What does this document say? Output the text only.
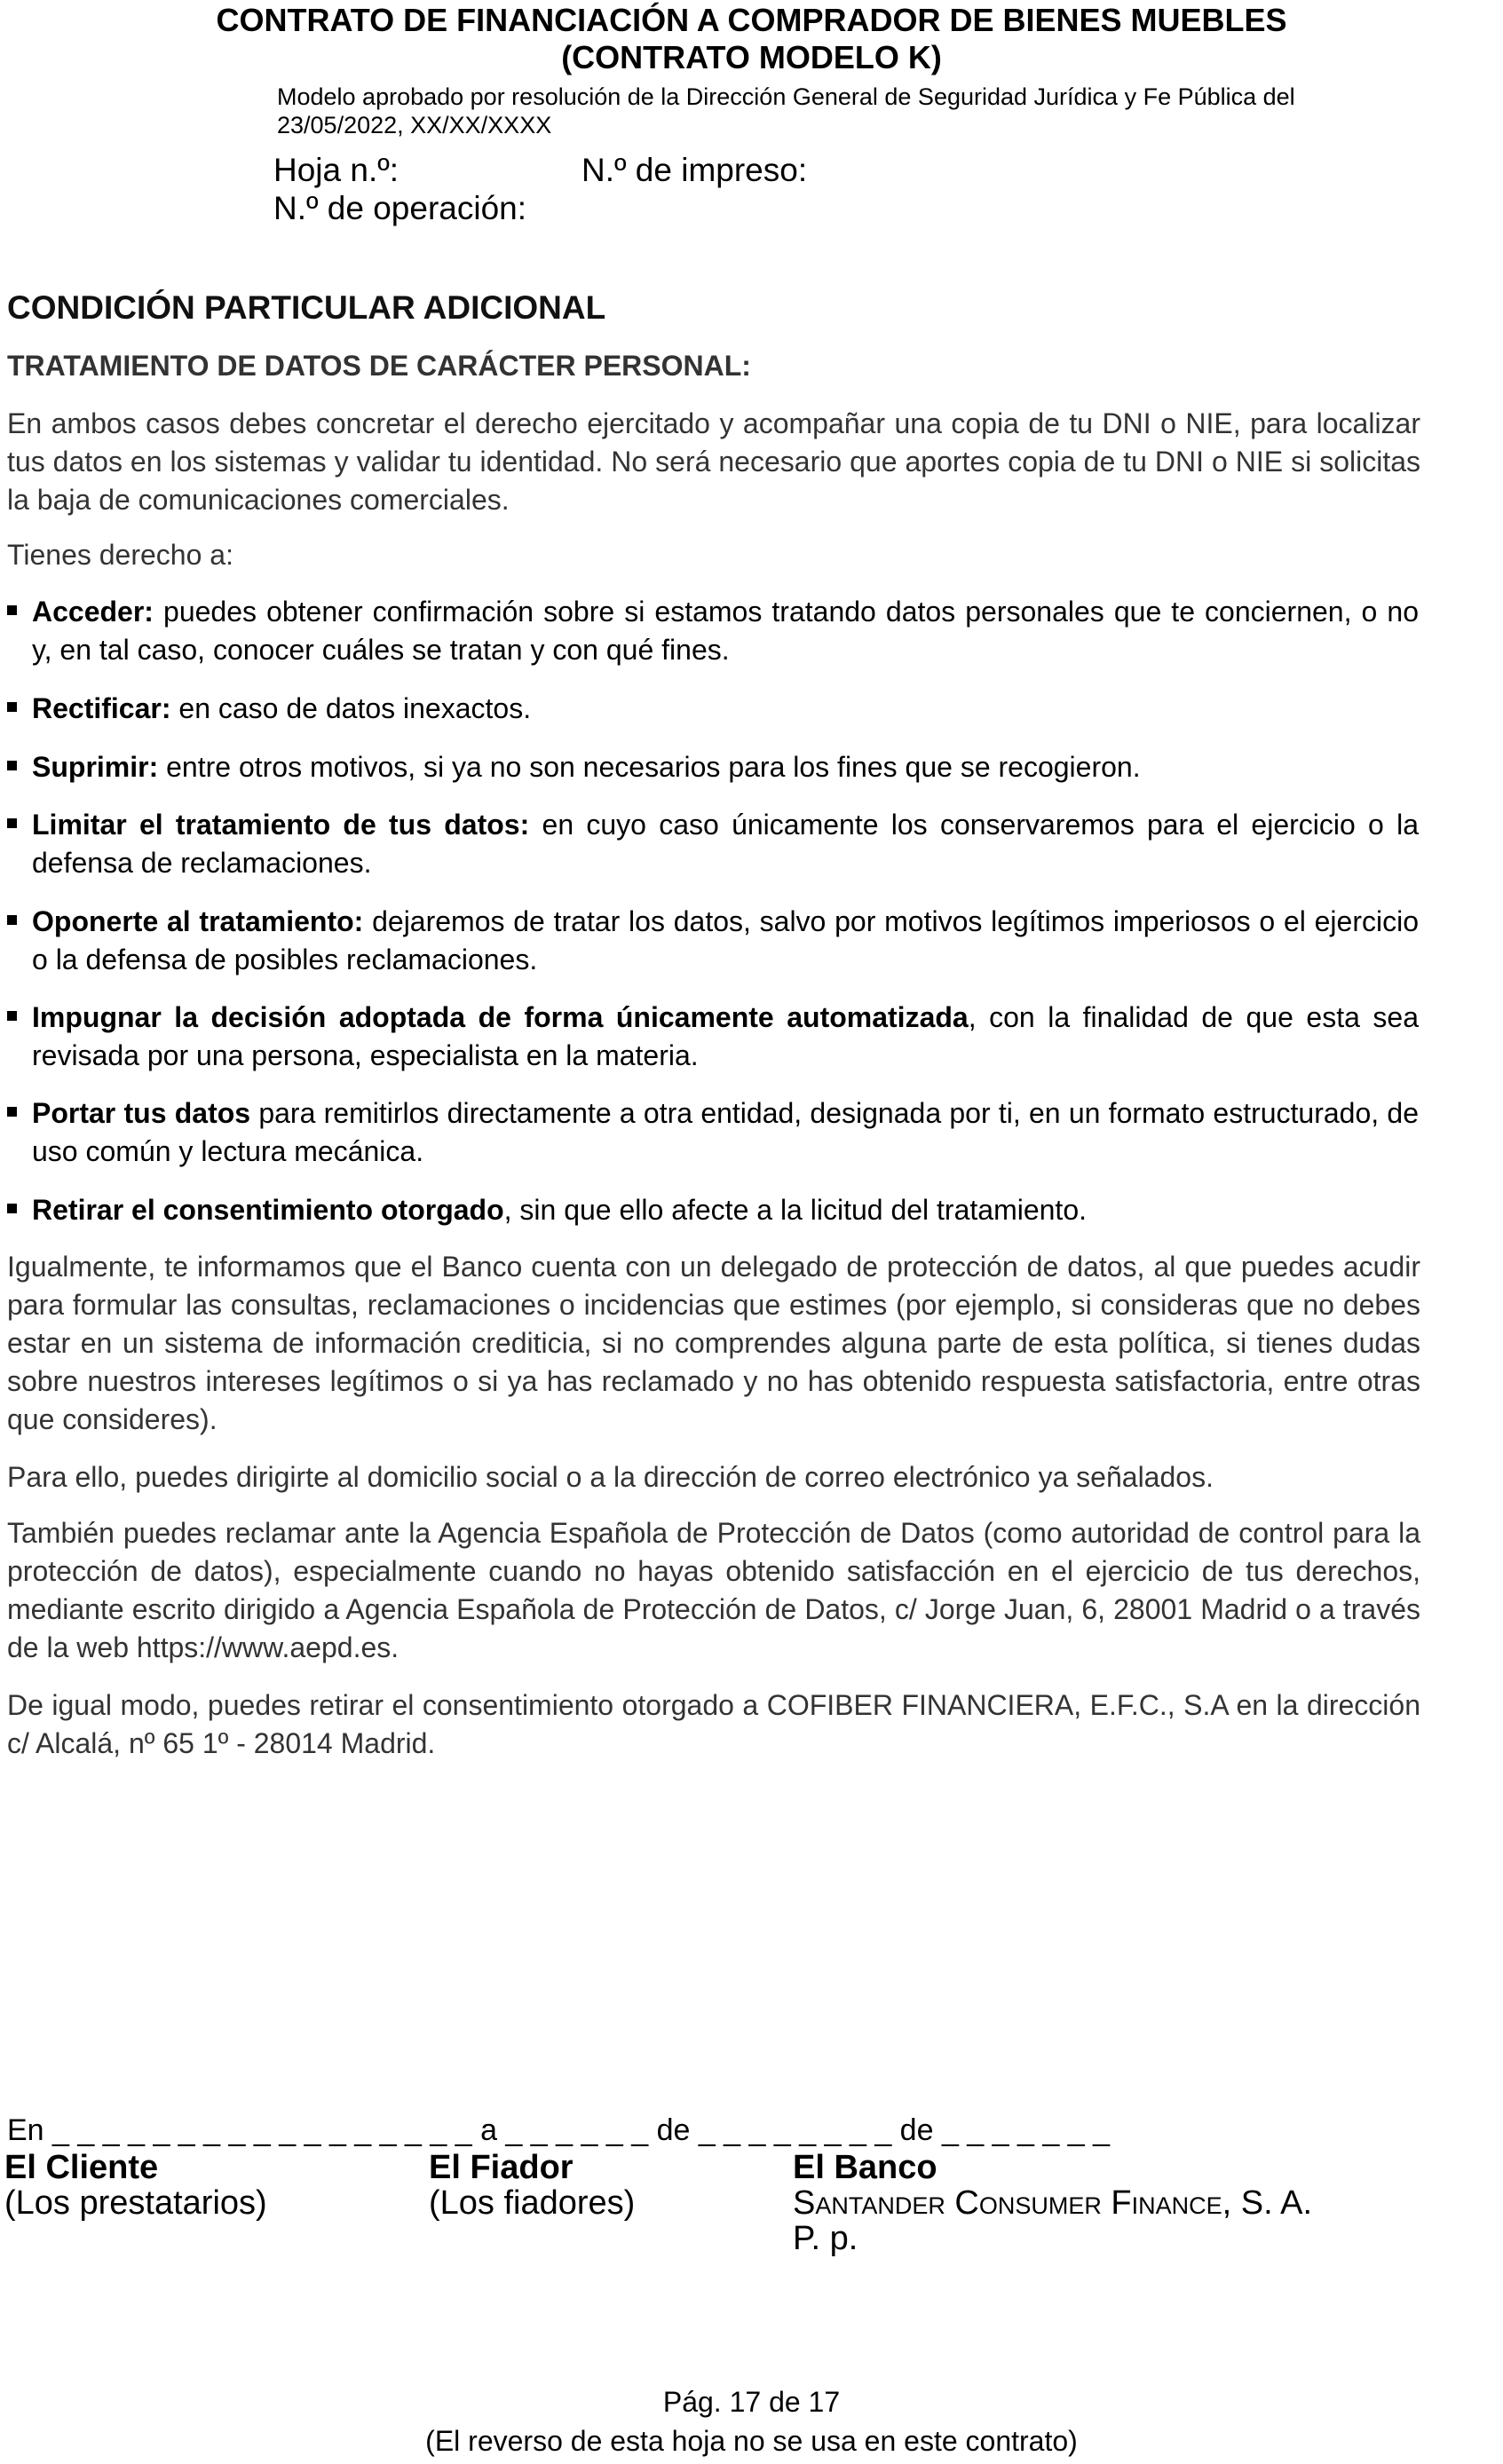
CONTRATO DE FINANCIACIÓN A COMPRADOR DE BIENES MUEBLES
(CONTRATO MODELO K)
Modelo aprobado por resolución de la Dirección General de Seguridad Jurídica y Fe Pública del
23/05/2022, XX/XX/XXXX
Hoja n.º:	N.º de impreso:
N.º de operación:
CONDICIÓN PARTICULAR ADICIONAL
TRATAMIENTO DE DATOS DE CARÁCTER PERSONAL:
En ambos casos debes concretar el derecho ejercitado y acompañar una copia de tu DNI o NIE, para localizar tus datos en los sistemas y validar tu identidad. No será necesario que aportes copia de tu DNI o NIE si solicitas la baja de comunicaciones comerciales.
Tienes derecho a:
Acceder: puedes obtener confirmación sobre si estamos tratando datos personales que te conciernen, o no y, en tal caso, conocer cuáles se tratan y con qué fines.
Rectificar: en caso de datos inexactos.
Suprimir: entre otros motivos, si ya no son necesarios para los fines que se recogieron.
Limitar el tratamiento de tus datos: en cuyo caso únicamente los conservaremos para el ejercicio o la defensa de reclamaciones.
Oponerte al tratamiento: dejaremos de tratar los datos, salvo por motivos legítimos imperiosos o el ejercicio o la defensa de posibles reclamaciones.
Impugnar la decisión adoptada de forma únicamente automatizada, con la finalidad de que esta sea revisada por una persona, especialista en la materia.
Portar tus datos para remitirlos directamente a otra entidad, designada por ti, en un formato estructurado, de uso común y lectura mecánica.
Retirar el consentimiento otorgado, sin que ello afecte a la licitud del tratamiento.
Igualmente, te informamos que el Banco cuenta con un delegado de protección de datos, al que puedes acudir para formular las consultas, reclamaciones o incidencias que estimes (por ejemplo, si consideras que no debes estar en un sistema de información crediticia, si no comprendes alguna parte de esta política, si tienes dudas sobre nuestros intereses legítimos o si ya has reclamado y no has obtenido respuesta satisfactoria, entre otras que consideres).
Para ello, puedes dirigirte al domicilio social o a la dirección de correo electrónico ya señalados.
También puedes reclamar ante la Agencia Española de Protección de Datos (como autoridad de control para la protección de datos), especialmente cuando no hayas obtenido satisfacción en el ejercicio de tus derechos, mediante escrito dirigido a Agencia Española de Protección de Datos, c/ Jorge Juan, 6, 28001 Madrid o a través de la web https://www.aepd.es.
De igual modo, puedes retirar el consentimiento otorgado a COFIBER FINANCIERA, E.F.C., S.A en la dirección c/ Alcalá, nº 65 1º - 28014 Madrid.
En _ _ _ _ _ _ _ _ _ _ _ _ _ _ _ _ _ a _ _ _ _ _ _ de _ _ _ _ _ _ _ _ de _ _ _ _ _ _ _
El Cliente
(Los prestatarios)
El Fiador
(Los fiadores)
El Banco
Santander Consumer Finance, S. A.
P. p.
Pág. 17 de 17
(El reverso de esta hoja no se usa en este contrato)
